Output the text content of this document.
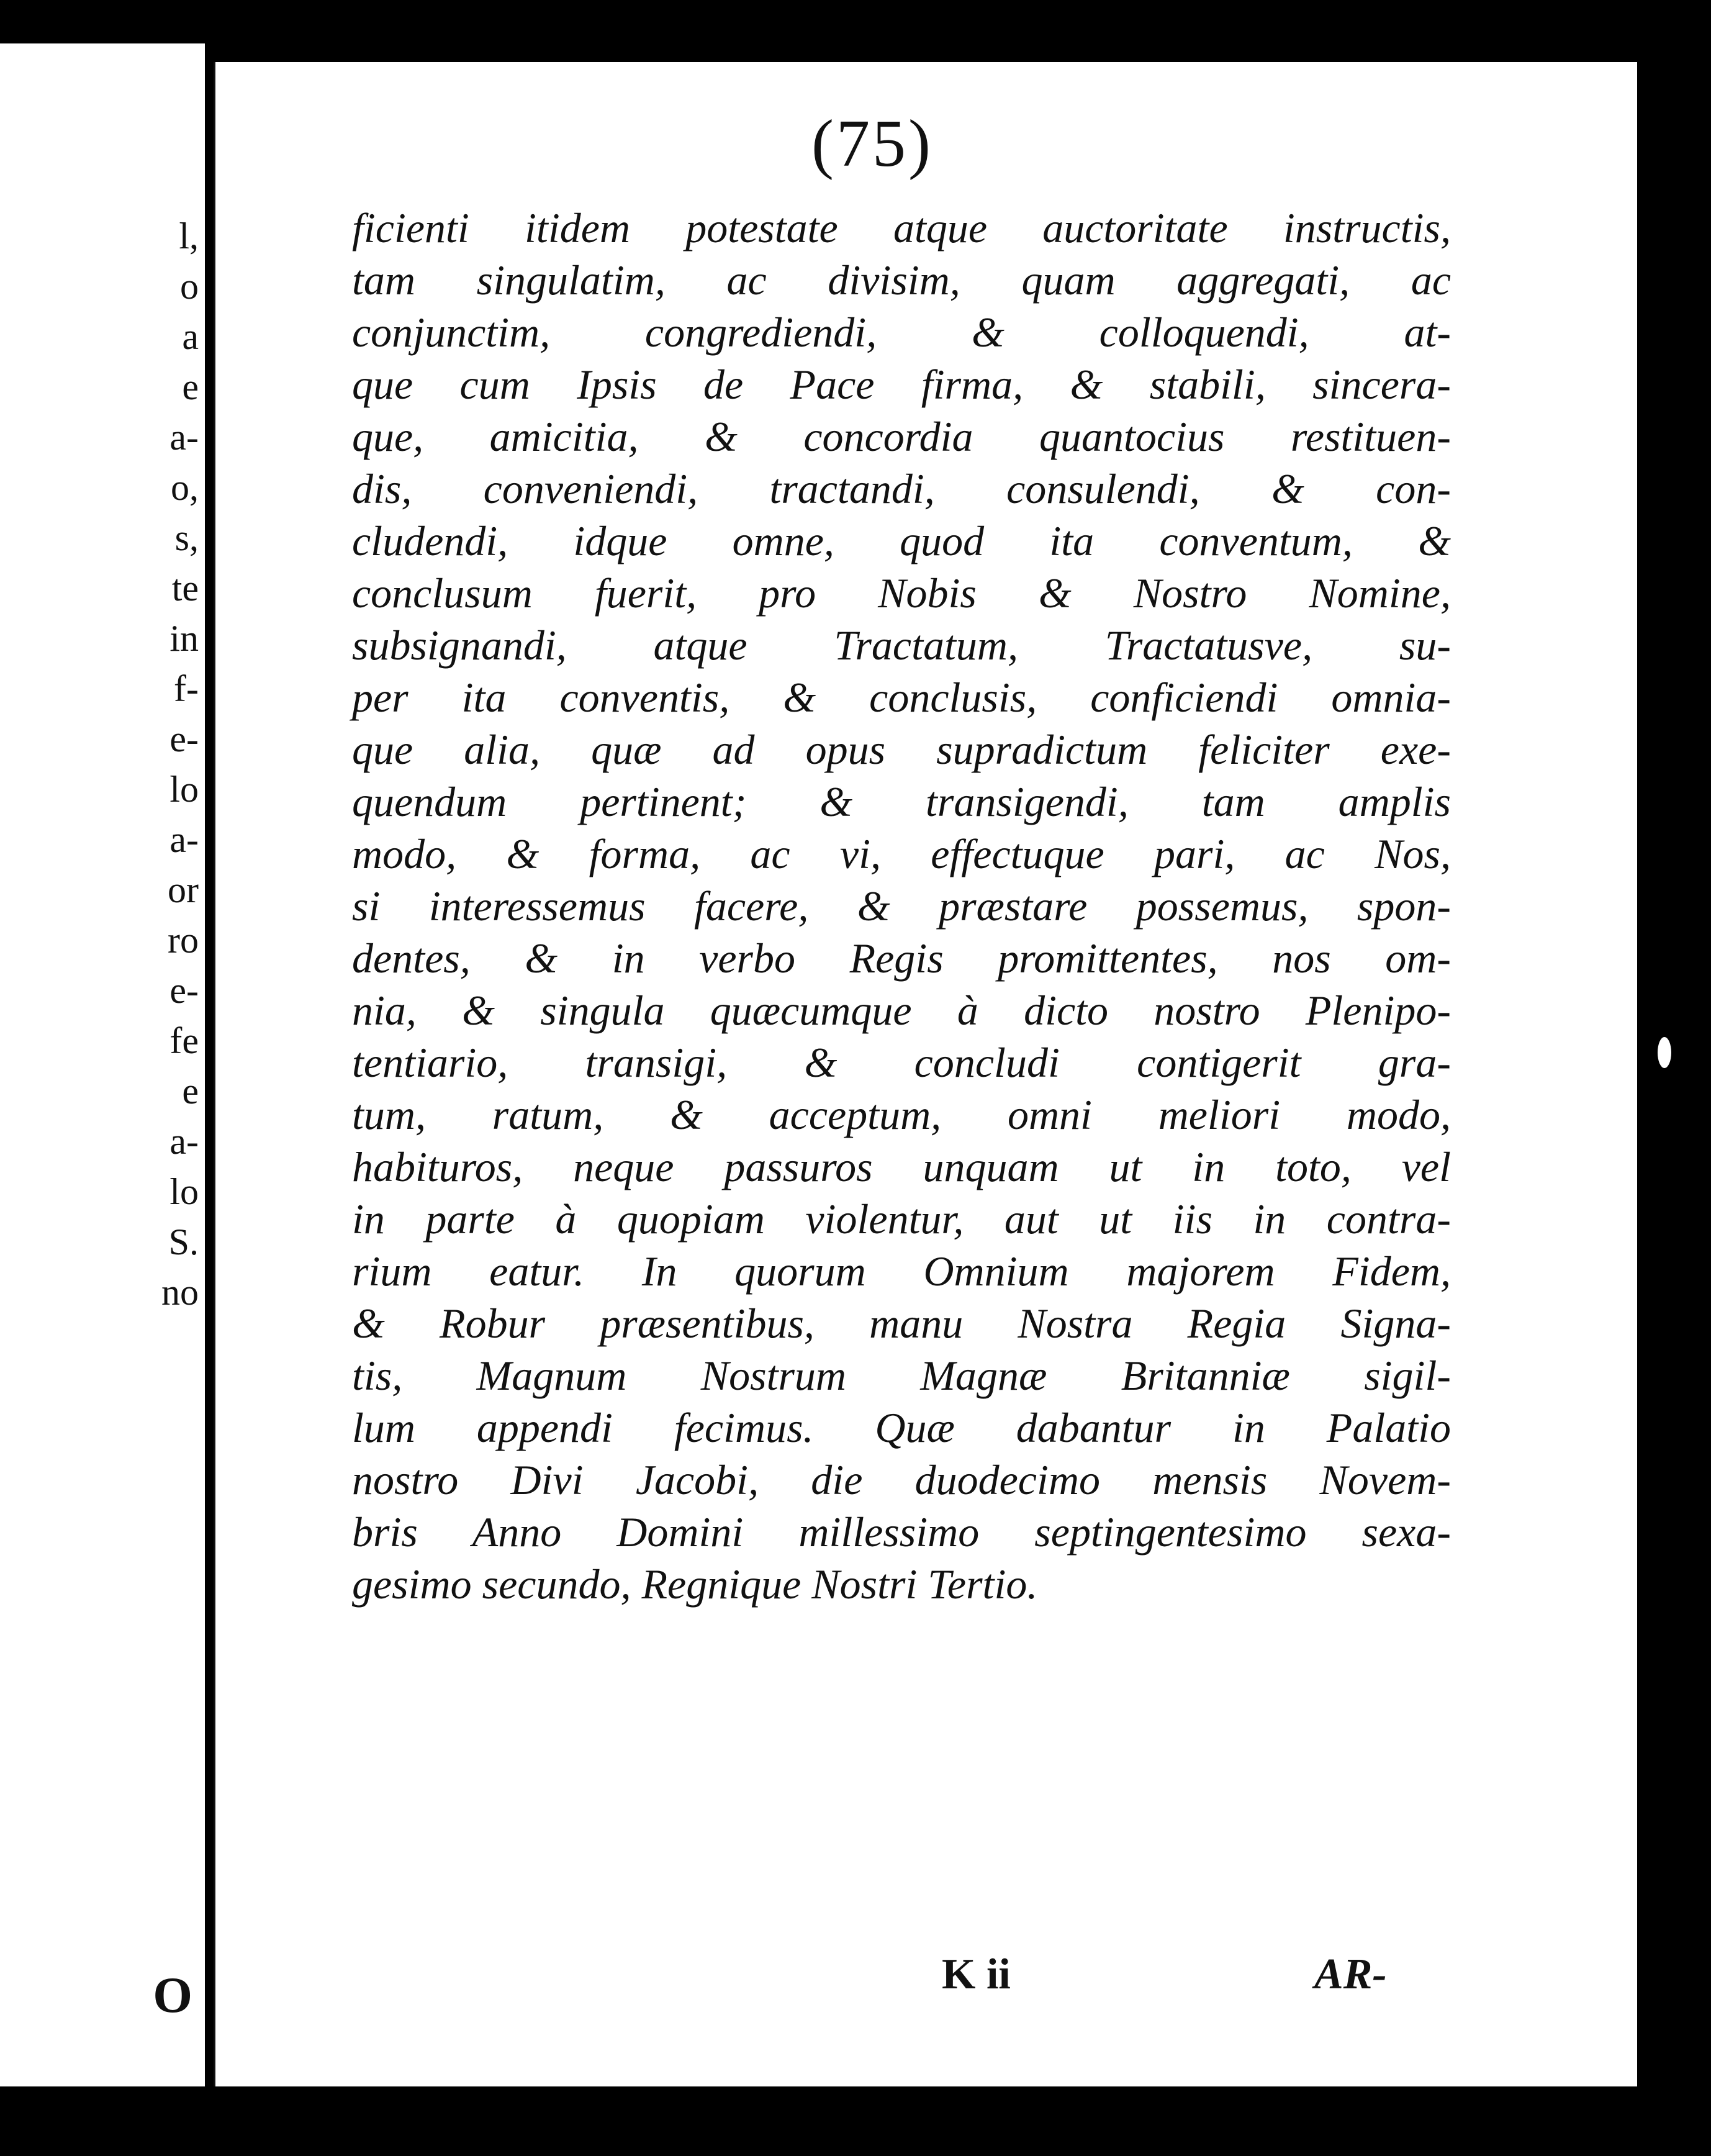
l,
o
a
e
a-
o,
s,
te
in
f-
e-
lo
a-
or
ro
e-
fe
e
a-
lo
S.
no
O
(75)
ficienti itidem potestate atque auctoritate instructis,
tam singulatim, ac divisim, quam aggregati, ac
conjunctim, congrediendi, & colloquendi, at-
que cum Ipsis de Pace firma, & stabili, sincera-
que, amicitia, & concordia quantocius restituen-
dis, conveniendi, tractandi, consulendi, & con-
cludendi, idque omne, quod ita conventum, &
conclusum fuerit, pro Nobis & Nostro Nomine,
subsignandi, atque Tractatum, Tractatusve, su-
per ita conventis, & conclusis, conficiendi omnia-
que alia, quæ ad opus supradictum feliciter exe-
quendum pertinent; & transigendi, tam amplis
modo, & forma, ac vi, effectuque pari, ac Nos,
si interessemus facere, & præstare possemus, spon-
dentes, & in verbo Regis promittentes, nos om-
nia, & singula quæcumque à dicto nostro Plenipo-
tentiario, transigi, & concludi contigerit gra-
tum, ratum, & acceptum, omni meliori modo,
habituros, neque passuros unquam ut in toto, vel
in parte à quopiam violentur, aut ut iis in contra-
rium eatur. In quorum Omnium majorem Fidem,
& Robur præsentibus, manu Nostra Regia Signa-
tis, Magnum Nostrum Magnæ Britanniæ sigil-
lum appendi fecimus. Quæ dabantur in Palatio
nostro Divi Jacobi, die duodecimo mensis Novem-
bris Anno Domini millessimo septingentesimo sexa-
gesimo secundo, Regnique Nostri Tertio.
K ii	AR-
